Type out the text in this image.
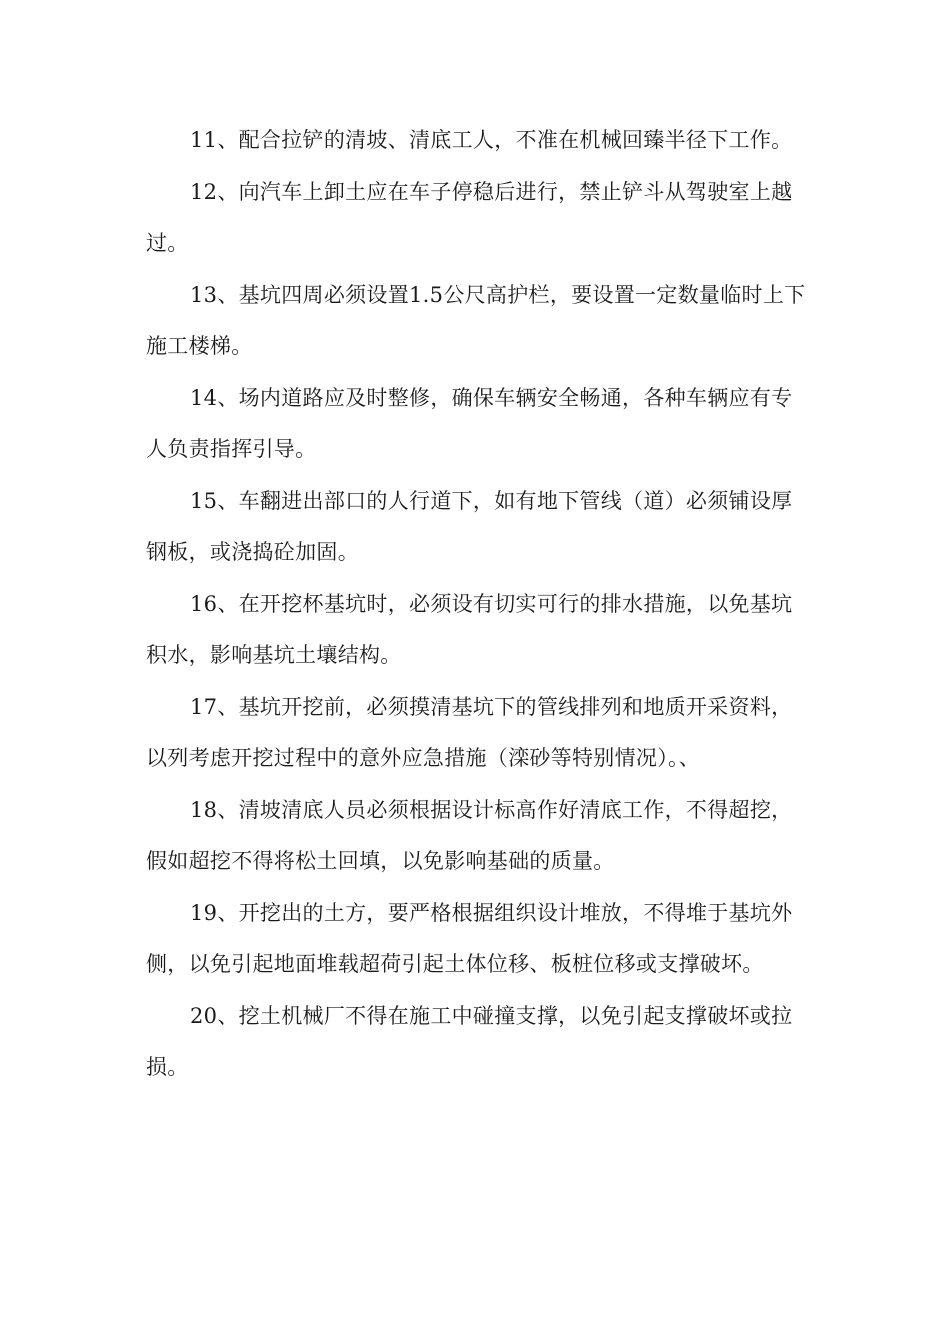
11、配合拉铲的清坡、清底工人，不准在机械回臻半径下工作。

12、向汽车上卸土应在车子停稳后进行，禁止铲斗从驾驶室上越过。

13、基坑四周必须设置1.5公尺高护栏，要设置一定数量临时上下施工楼梯。

14、场内道路应及时整修，确保车辆安全畅通，各种车辆应有专人负责指挥引导。

15、车翻进出部口的人行道下，如有地下管线（道）必须铺设厚钢板，或浇捣砼加固。

16、在开挖杯基坑时，必须设有切实可行的排水措施，以免基坑积水，影响基坑土壤结构。

17、基坑开挖前，必须摸清基坑下的管线排列和地质开采资料，以列考虑开挖过程中的意外应急措施（滦砂等特别情况）。、

18、清坡清底人员必须根据设计标高作好清底工作，不得超挖，假如超挖不得将松土回填，以免影响基础的质量。

19、开挖出的土方，要严格根据组织设计堆放，不得堆于基坑外侧，以免引起地面堆载超荷引起土体位移、板桩位移或支撑破坏。

20、挖土机械厂不得在施工中碰撞支撑，以免引起支撑破坏或拉损。
